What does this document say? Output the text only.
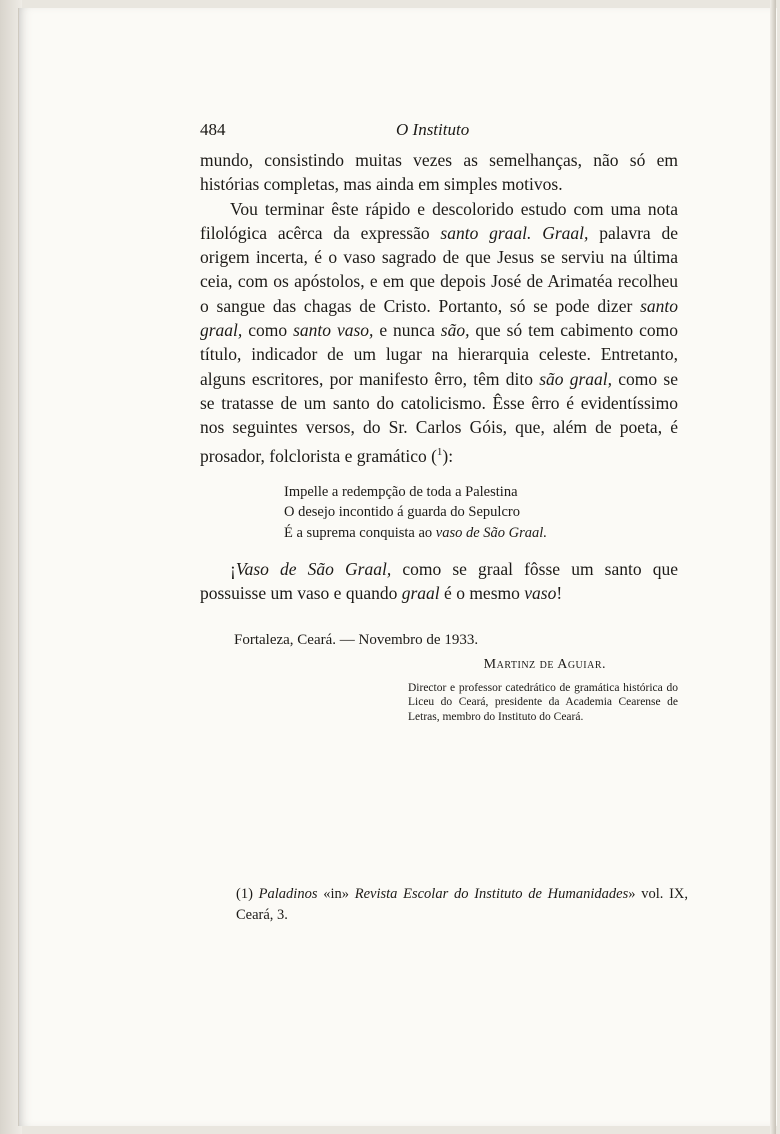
484	O Instituto

mundo, consistindo muitas vezes as semelhanças, não só em histórias completas, mas ainda em simples motivos.

Vou terminar êste rápido e descolorido estudo com uma nota filológica acêrca da expressão santo graal. Graal, palavra de origem incerta, é o vaso sagrado de que Jesus se serviu na última ceia, com os apóstolos, e em que depois José de Arimatéa recolheu o sangue das chagas de Cristo. Portanto, só se pode dizer santo graal, como santo vaso, e nunca são, que só tem cabimento como título, indicador de um lugar na hierarquia celeste. Entretanto, alguns escritores, por manifesto êrro, têm dito são graal, como se se tratasse de um santo do catolicismo. Êsse êrro é evidentíssimo nos seguintes versos, do Sr. Carlos Góis, que, além de poeta, é prosador, folclorista e gramático ($^1$):

Impelle a redempção de toda a Palestina
O desejo incontido á guarda do Sepulcro
É a suprema conquista ao vaso de São Graal.

¡Vaso de São Graal, como se graal fôsse um santo que possuisse um vaso e quando graal é o mesmo vaso!

Fortaleza, Ceará. — Novembro de 1933.
Martinz de Aguiar.
Director e professor catedrático de gramática histórica do Liceu do Ceará, presidente da Academia Cearense de Letras, membro do Instituto do Ceará.
(1) Paladinos «in» Revista Escolar do Instituto de Humanidades» vol. IX, Ceará, 3.
